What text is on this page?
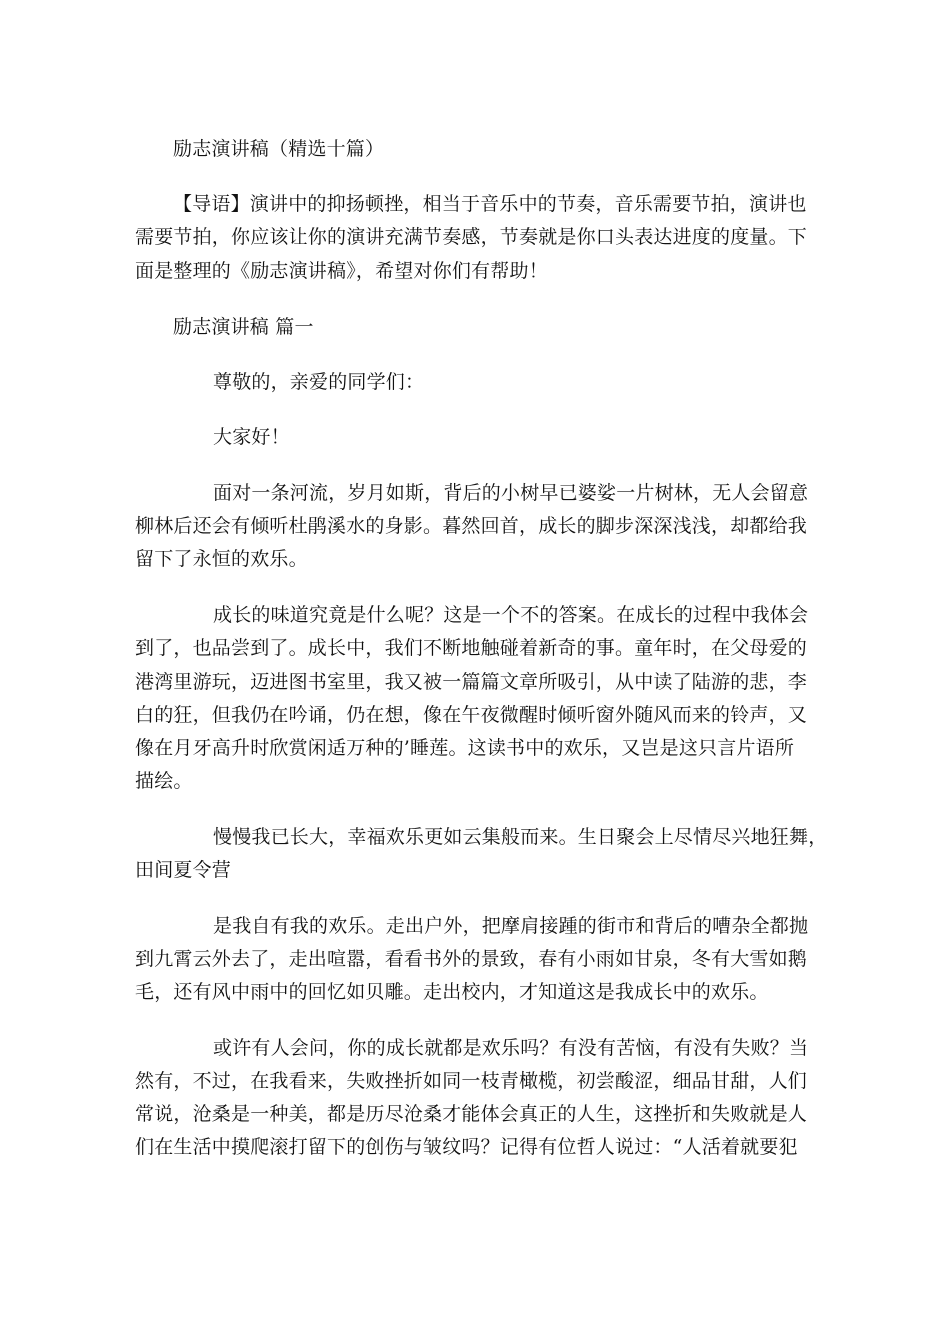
励志演讲稿（精选十篇）
【导语】演讲中的抑扬顿挫，相当于音乐中的节奏，音乐需要节拍，演讲也
需要节拍，你应该让你的演讲充满节奏感，节奏就是你口头表达进度的度量。下
面是整理的《励志演讲稿》，希望对你们有帮助！
励志演讲稿 篇一
尊敬的，亲爱的同学们：
大家好！
面对一条河流，岁月如斯，背后的小树早已婆娑一片树林，无人会留意
柳林后还会有倾听杜鹃溪水的身影。暮然回首，成长的脚步深深浅浅，却都给我
留下了永恒的欢乐。
成长的味道究竟是什么呢？这是一个不的答案。在成长的过程中我体会
到了，也品尝到了。成长中，我们不断地触碰着新奇的事。童年时，在父母爱的
港湾里游玩，迈进图书室里，我又被一篇篇文章所吸引，从中读了陆游的悲，李
白的狂，但我仍在吟诵，仍在想，像在午夜微醒时倾听窗外随风而来的铃声，又
像在月牙高升时欣赏闲适万种的’睡莲。这读书中的欢乐，又岂是这只言片语所
描绘。
慢慢我已长大，幸福欢乐更如云集般而来。生日聚会上尽情尽兴地狂舞，
田间夏令营
是我自有我的欢乐。走出户外，把摩肩接踵的街市和背后的嘈杂全都抛
到九霄云外去了，走出喧嚣，看看书外的景致，春有小雨如甘泉，冬有大雪如鹅
毛，还有风中雨中的回忆如贝雕。走出校内，才知道这是我成长中的欢乐。
或许有人会问，你的成长就都是欢乐吗？有没有苦恼，有没有失败？当
然有，不过，在我看来，失败挫折如同一枝青橄榄，初尝酸涩，细品甘甜，人们
常说，沧桑是一种美，都是历尽沧桑才能体会真正的人生，这挫折和失败就是人
们在生活中摸爬滚打留下的创伤与皱纹吗？记得有位哲人说过：“人活着就要犯
